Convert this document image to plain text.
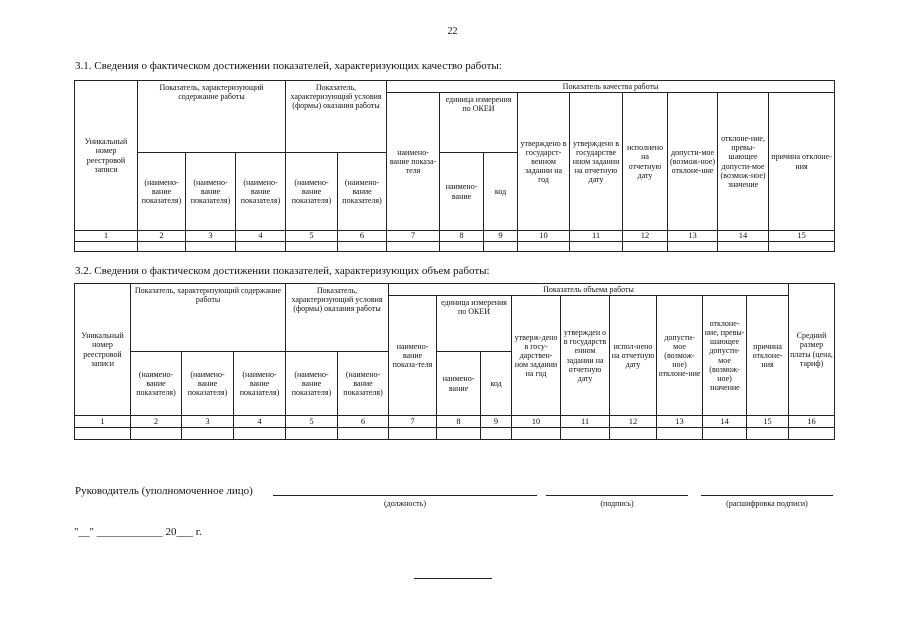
22
3.1. Сведения о фактическом достижении показателей, характеризующих качество работы:
Уникальный номер реестровой записи	Показатель, характеризующий содержание работы			Показатель, характеризующий условия (формы) оказания работы		Показатель качества работы								
						наимено-вание показа-теля	единица измерения по ОКЕИ		утверждено в государст-венном задании на год	утверждено в государстве нном задании на отчетную дату	исполнено на отчетную дату	допусти-мое (возмож-ное) отклоне-ние	отклоне-ние, превы-шающее допусти-мое (возмож-ное) значение	причина отклоне-ния
	(наимено-вание показателя)	(наимено-вание показателя)	(наимено-вание показателя)	(наимено-вание показателя)	(наимено-вание показателя)		наимено-вание	код						
1	2	3	4	5	6	7	8	9	10	11	12	13	14	15

3.2. Сведения о фактическом достижении показателей, характеризующих объем работы:
Уникальный номер реестровой записи	Показатель, характеризующий содержание работы			Показатель, характеризующий условия (формы) оказания работы		Показатель объема работы									Средний размер платы (цена, тариф)
						наимено-вание показа-теля	единица измерения по ОКЕИ		утверж-дено в госу-дарствен-ном задании на год	утвержден о в государств енном задании на отчетную дату	испол-нено на отчетную дату	допусти-мое (возмож-ное) отклоне-ние	отклоне-ние, превы-шающее допусти-мое (возмож-ное) значение	причина отклоне-ния	
	(наимено-вание показателя)	(наимено-вание показателя)	(наимено-вание показателя)	(наимено-вание показателя)	(наимено-вание показателя)		наимено-вание	код							
1	2	3	4	5	6	7	8	9	10	11	12	13	14	15	16

Руководитель (уполномоченное лицо)
(должность)	(подпись)	(расшифровка подписи)
"__" ____________ 20___ г.
